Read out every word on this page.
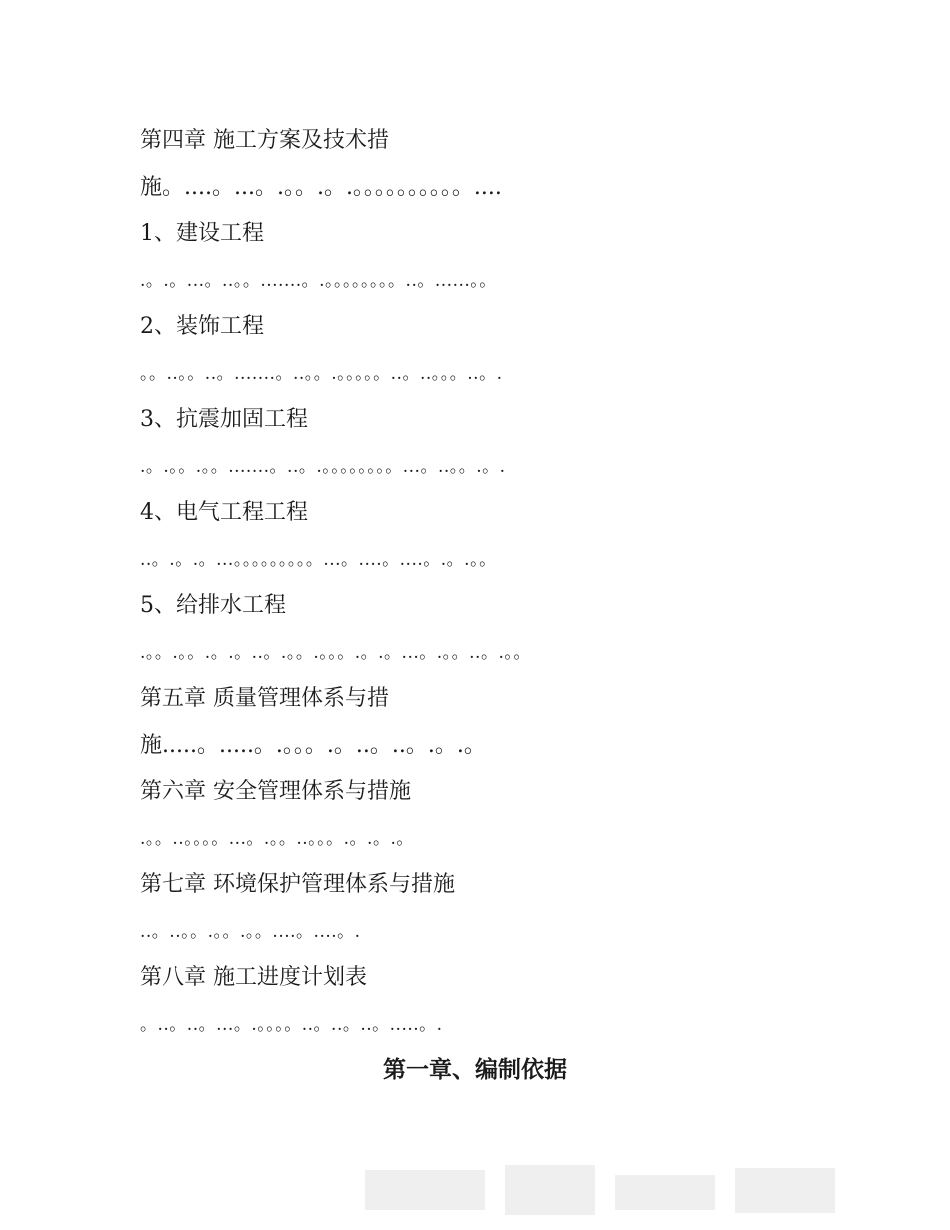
第四章 施工方案及技术措
施。....。...。.。。.。.。。。。。。。。。。....
1、建设工程
.。.。...。..。。.......。.。。。。。。。。..。......。。
2、装饰工程
。。..。。..。.......。..。。.。。。。。..。..。。。..。.
3、抗震加固工程
.。.。。.。。.......。..。.。。。。。。。。...。..。。.。.
4、电气工程工程
..。.。.。...。。。。。。。。。...。....。....。.。.。。
5、给排水工程
.。。.。。.。.。..。.。。.。。。.。.。...。.。。..。.。。
第五章 质量管理体系与措
施.....。.....。.。。。.。..。..。.。.。
第六章 安全管理体系与措施
.。。..。。。。...。.。。..。。。.。.。.。
第七章 环境保护管理体系与措施
..。..。。.。。.。。....。....。.
第八章 施工进度计划表
。..。..。...。.。。。。..。..。..。.....。.
第一章、编制依据
